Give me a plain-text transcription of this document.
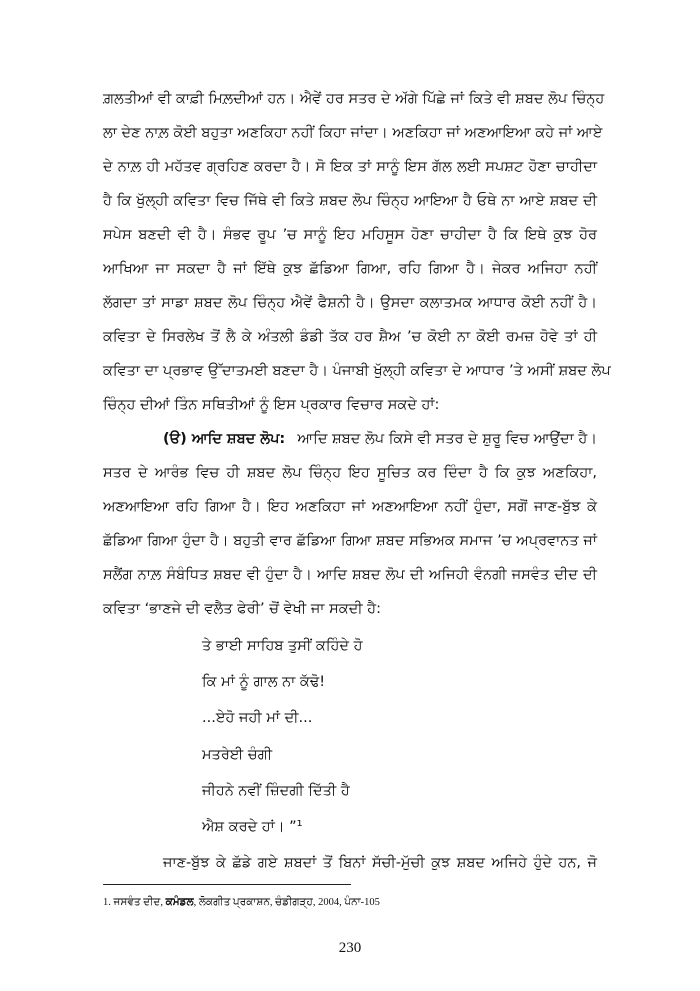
ਗ਼ਲਤੀਆਂ ਵੀ ਕਾਫ਼ੀ ਮਿਲ਼ਦੀਆਂ ਹਨ। ਐਵੇਂ ਹਰ ਸਤਰ ਦੇ ਅੱਗੇ ਪਿੱਛੇ ਜਾਂ ਕਿਤੇ ਵੀ ਸ਼ਬਦ ਲੋਪ ਚਿੰਨ੍ਹ
ਲਾ ਦੇਣ ਨਾਲ਼ ਕੋਈ ਬਹੁਤਾ ਅਣਕਿਹਾ ਨਹੀਂ ਕਿਹਾ ਜਾਂਦਾ। ਅਣਕਿਹਾ ਜਾਂ ਅਣਆਇਆ ਕਹੇ ਜਾਂ ਆਏ
ਦੇ ਨਾਲ਼ ਹੀ ਮਹੱਤਵ ਗ੍ਰਹਿਣ ਕਰਦਾ ਹੈ। ਸੋ ਇਕ ਤਾਂ ਸਾਨੂੰ ਇਸ ਗੱਲ ਲਈ ਸਪਸ਼ਟ ਹੋਣਾ ਚਾਹੀਦਾ
ਹੈ ਕਿ ਖੁੱਲ੍ਹੀ ਕਵਿਤਾ ਵਿਚ ਜਿੱਥੇ ਵੀ ਕਿਤੇ ਸ਼ਬਦ ਲੋਪ ਚਿੰਨ੍ਹ ਆਇਆ ਹੈ ਓਥੇ ਨਾ ਆਏ ਸ਼ਬਦ ਦੀ
ਸਪੇਸ ਬਣਦੀ ਵੀ ਹੈ। ਸੰਭਵ ਰੂਪ ’ਚ ਸਾਨੂੰ ਇਹ ਮਹਿਸੂਸ ਹੋਣਾ ਚਾਹੀਦਾ ਹੈ ਕਿ ਇਥੇ ਕੁਝ ਹੋਰ
ਆਖਿਆ ਜਾ ਸਕਦਾ ਹੈ ਜਾਂ ਇੱਥੇ ਕੁਝ ਛੱਡਿਆ ਗਿਆ, ਰਹਿ ਗਿਆ ਹੈ। ਜੇਕਰ ਅਜਿਹਾ ਨਹੀਂ
ਲੱਗਦਾ ਤਾਂ ਸਾਡਾ ਸ਼ਬਦ ਲੋਪ ਚਿੰਨ੍ਹ ਐਵੇਂ ਫੈਸ਼ਨੀ ਹੈ। ਉਸਦਾ ਕਲਾਤਮਕ ਆਧਾਰ ਕੋਈ ਨਹੀਂ ਹੈ।
ਕਵਿਤਾ ਦੇ ਸਿਰਲੇਖ ਤੋਂ ਲੈ ਕੇ ਅੰਤਲੀ ਡੰਡੀ ਤੱਕ ਹਰ ਸ਼ੈਅ ’ਚ ਕੋਈ ਨਾ ਕੋਈ ਰਮਜ਼ ਹੋਵੇ ਤਾਂ ਹੀ
ਕਵਿਤਾ ਦਾ ਪ੍ਰਭਾਵ ਉੱਦਾਤਮਈ ਬਣਦਾ ਹੈ। ਪੰਜਾਬੀ ਖੁੱਲ੍ਹੀ ਕਵਿਤਾ ਦੇ ਆਧਾਰ ’ਤੇ ਅਸੀਂ ਸ਼ਬਦ ਲੋਪ
ਚਿੰਨ੍ਹ ਦੀਆਂ ਤਿੰਨ ਸਥਿਤੀਆਂ ਨੂੰ ਇਸ ਪ੍ਰਕਾਰ ਵਿਚਾਰ ਸਕਦੇ ਹਾਂ:
(ੳ) ਆਦਿ ਸ਼ਬਦ ਲੋਪ: ਆਦਿ ਸ਼ਬਦ ਲੋਪ ਕਿਸੇ ਵੀ ਸਤਰ ਦੇ ਸ਼ੁਰੂ ਵਿਚ ਆਉਂਦਾ ਹੈ।
ਸਤਰ ਦੇ ਆਰੰਭ ਵਿਚ ਹੀ ਸ਼ਬਦ ਲੋਪ ਚਿੰਨ੍ਹ ਇਹ ਸੂਚਿਤ ਕਰ ਦਿੰਦਾ ਹੈ ਕਿ ਕੁਝ ਅਣਕਿਹਾ,
ਅਣਆਇਆ ਰਹਿ ਗਿਆ ਹੈ। ਇਹ ਅਣਕਿਹਾ ਜਾਂ ਅਣਆਇਆ ਨਹੀਂ ਹੁੰਦਾ, ਸਗੋਂ ਜਾਣ-ਬੁੱਝ ਕੇ
ਛੱਡਿਆ ਗਿਆ ਹੁੰਦਾ ਹੈ। ਬਹੁਤੀ ਵਾਰ ਛੱਡਿਆ ਗਿਆ ਸ਼ਬਦ ਸਭਿਅਕ ਸਮਾਜ ’ਚ ਅਪ੍ਰਵਾਨਤ ਜਾਂ
ਸਲੈਂਗ ਨਾਲ਼ ਸੰਬੰਧਿਤ ਸ਼ਬਦ ਵੀ ਹੁੰਦਾ ਹੈ। ਆਦਿ ਸ਼ਬਦ ਲੋਪ ਦੀ ਅਜਿਹੀ ਵੰਨਗੀ ਜਸਵੰਤ ਦੀਦ ਦੀ
ਕਵਿਤਾ ‘ਭਾਣਜੇ ਦੀ ਵਲੈਤ ਫੇਰੀ’ ਚੋਂ ਵੇਖੀ ਜਾ ਸਕਦੀ ਹੈ:
ਤੇ ਭਾਈ ਸਾਹਿਬ ਤੁਸੀਂ ਕਹਿੰਦੇ ਹੋ
ਕਿ ਮਾਂ ਨੂੰ ਗਾਲ ਨਾ ਕੱਢੋ!
...ਏਹੋ ਜਹੀ ਮਾਂ ਦੀ...
ਮਤਰੇਈ ਚੰਗੀ
ਜੀਹਨੇ ਨਵੀਂ ਜ਼ਿੰਦਗੀ ਦਿੱਤੀ ਹੈ
ਐਸ਼ ਕਰਦੇ ਹਾਂ। ”¹
ਜਾਣ-ਬੁੱਝ ਕੇ ਛੱਡੇ ਗਏ ਸ਼ਬਦਾਂ ਤੋਂ ਬਿਨਾਂ ਸੱਚੀ-ਮੁੱਚੀ ਕੁਝ ਸ਼ਬਦ ਅਜਿਹੇ ਹੁੰਦੇ ਹਨ, ਜੋ
1. ਜਸਵੰਤ ਦੀਦ, ਕਮੰਡਲ, ਲੋਕਗੀਤ ਪ੍ਰਕਾਸ਼ਨ, ਚੰਡੀਗੜ੍ਹ, 2004, ਪੰਨਾ-105
230
